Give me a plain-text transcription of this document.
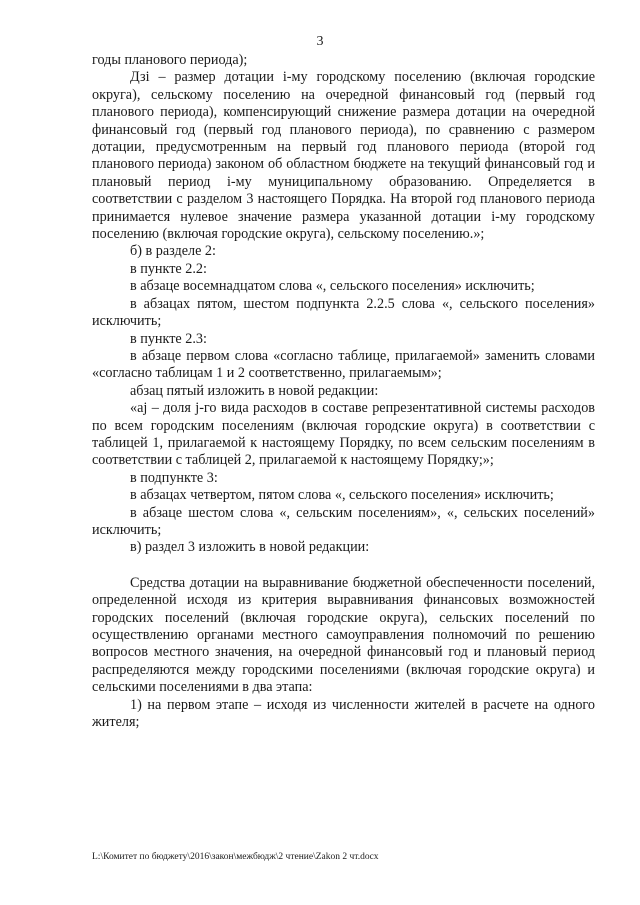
3

годы планового периода);

Дзi – размер дотации i-му городскому поселению (включая городские округа), сельскому поселению на очередной финансовый год (первый год планового периода), компенсирующий снижение размера дотации на очередной финансовый год (первый год планового периода), по сравнению с размером дотации, предусмотренным на первый год планового периода (второй год планового периода) законом об областном бюджете на текущий финансовый год и плановый период i-му муниципальному образованию. Определяется в соответствии с разделом 3 настоящего Порядка. На второй год планового периода принимается нулевое значение размера указанной дотации i-му городскому поселению (включая городские округа), сельскому поселению.»;

б) в разделе 2:

в пункте 2.2:

в абзаце восемнадцатом слова «, сельского поселения» исключить;

в абзацах пятом, шестом подпункта 2.2.5 слова «, сельского поселения» исключить;

в пункте 2.3:

в абзаце первом слова «согласно таблице, прилагаемой» заменить словами «согласно таблицам 1 и 2 соответственно, прилагаемым»;

абзац пятый изложить в новой редакции:

«аj – доля j-го вида расходов в составе репрезентативной системы расходов по всем городским поселениям (включая городские округа) в соответствии с таблицей 1, прилагаемой к настоящему Порядку, по всем сельским поселениям в соответствии с таблицей 2, прилагаемой к настоящему Порядку;»;

в подпункте 3:

в абзацах четвертом, пятом слова «, сельского поселения» исключить;

в абзаце шестом слова «, сельским поселениям», «, сельских поселений» исключить;

в) раздел 3 изложить в новой редакции:

Средства дотации на выравнивание бюджетной обеспеченности поселений, определенной исходя из критерия выравнивания финансовых возможностей городских поселений (включая городские округа), сельских поселений по осуществлению органами местного самоуправления полномочий по решению вопросов местного значения, на очередной финансовый год и плановый период распределяются между городскими поселениями (включая городские округа) и сельскими поселениями в два этапа:

1) на первом этапе – исходя из численности жителей в расчете на одного жителя;

L:\Комитет по бюджету\2016\закон\межбюдж\2 чтение\Zakon 2 чт.docx
